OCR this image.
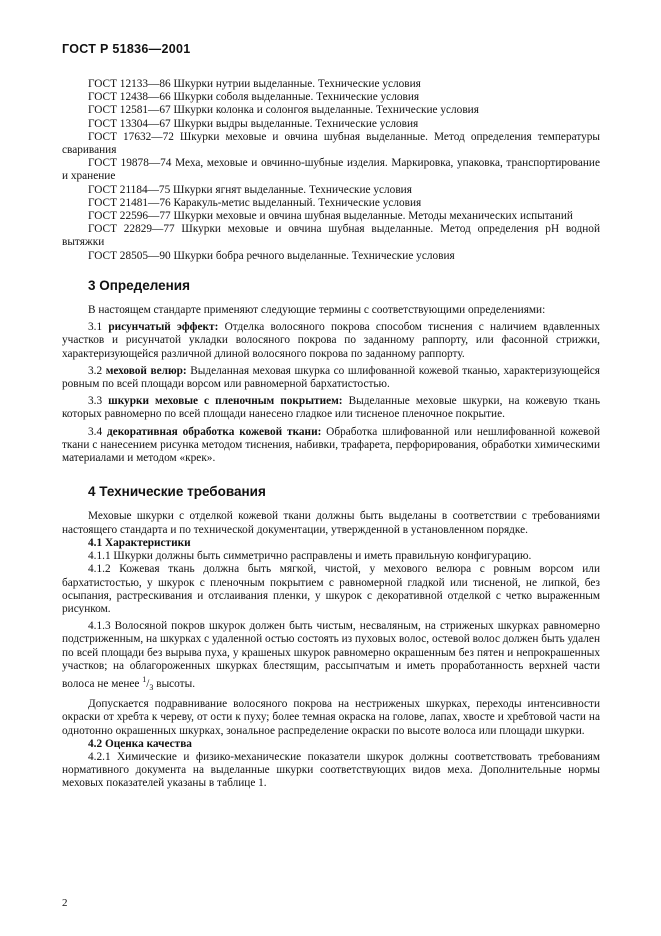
ГОСТ Р 51836—2001

ГОСТ 12133—86 Шкурки нутрии выделанные. Технические условия

ГОСТ 12438—66 Шкурки соболя выделанные. Технические условия

ГОСТ 12581—67 Шкурки колонка и солонгоя выделанные. Технические условия

ГОСТ 13304—67 Шкурки выдры выделанные. Технические условия

ГОСТ 17632—72 Шкурки меховые и овчина шубная выделанные. Метод определения температуры сваривания

ГОСТ 19878—74 Меха, меховые и овчинно-шубные изделия. Маркировка, упаковка, транспортирование и хранение

ГОСТ 21184—75 Шкурки ягнят выделанные. Технические условия

ГОСТ 21481—76 Каракуль-метис выделанный. Технические условия

ГОСТ 22596—77 Шкурки меховые и овчина шубная выделанные. Методы механических испытаний

ГОСТ 22829—77 Шкурки меховые и овчина шубная выделанные. Метод определения pH водной вытяжки

ГОСТ 28505—90 Шкурки бобра речного выделанные. Технические условия

3 Определения

В настоящем стандарте применяют следующие термины с соответствующими определениями:

3.1 рисунчатый эффект: Отделка волосяного покрова способом тиснения с наличием вдавленных участков и рисунчатой укладки волосяного покрова по заданному раппорту, или фасонной стрижки, характеризующейся различной длиной волосяного покрова по заданному раппорту.

3.2 меховой велюр: Выделанная меховая шкурка со шлифованной кожевой тканью, характеризующейся ровным по всей площади ворсом или равномерной бархатистостью.

3.3 шкурки меховые с пленочным покрытием: Выделанные меховые шкурки, на кожевую ткань которых равномерно по всей площади нанесено гладкое или тисненое пленочное покрытие.

3.4 декоративная обработка кожевой ткани: Обработка шлифованной или нешлифованной кожевой ткани с нанесением рисунка методом тиснения, набивки, трафарета, перфорирования, обработки химическими материалами и методом «крек».

4 Технические требования

Меховые шкурки с отделкой кожевой ткани должны быть выделаны в соответствии с требованиями настоящего стандарта и по технической документации, утвержденной в установленном порядке.

4.1 Характеристики

4.1.1 Шкурки должны быть симметрично расправлены и иметь правильную конфигурацию.

4.1.2 Кожевая ткань должна быть мягкой, чистой, у мехового велюра с ровным ворсом или бархатистостью, у шкурок с пленочным покрытием с равномерной гладкой или тисненой, не липкой, без осыпания, растрескивания и отслаивания пленки, у шкурок с декоративной отделкой с четко выраженным рисунком.

4.1.3 Волосяной покров шкурок должен быть чистым, несваляным, на стриженых шкурках равномерно подстриженным, на шкурках с удаленной остью состоять из пуховых волос, остевой волос должен быть удален по всей площади без вырыва пуха, у крашеных шкурок равномерно окрашенным без пятен и непрокрашенных участков; на облагороженных шкурках блестящим, рассыпчатым и иметь проработанность верхней части волоса не менее $^1/_3$ высоты.

Допускается подравнивание волосяного покрова на нестриженых шкурках, переходы интенсивности окраски от хребта к череву, от ости к пуху; более темная окраска на голове, лапах, хвосте и хребтовой части на однотонно окрашенных шкурках, зональное распределение окраски по высоте волоса или площади шкурки.

4.2 Оценка качества

4.2.1 Химические и физико-механические показатели шкурок должны соответствовать требованиям нормативного документа на выделанные шкурки соответствующих видов меха. Дополнительные нормы меховых показателей указаны в таблице 1.

2
